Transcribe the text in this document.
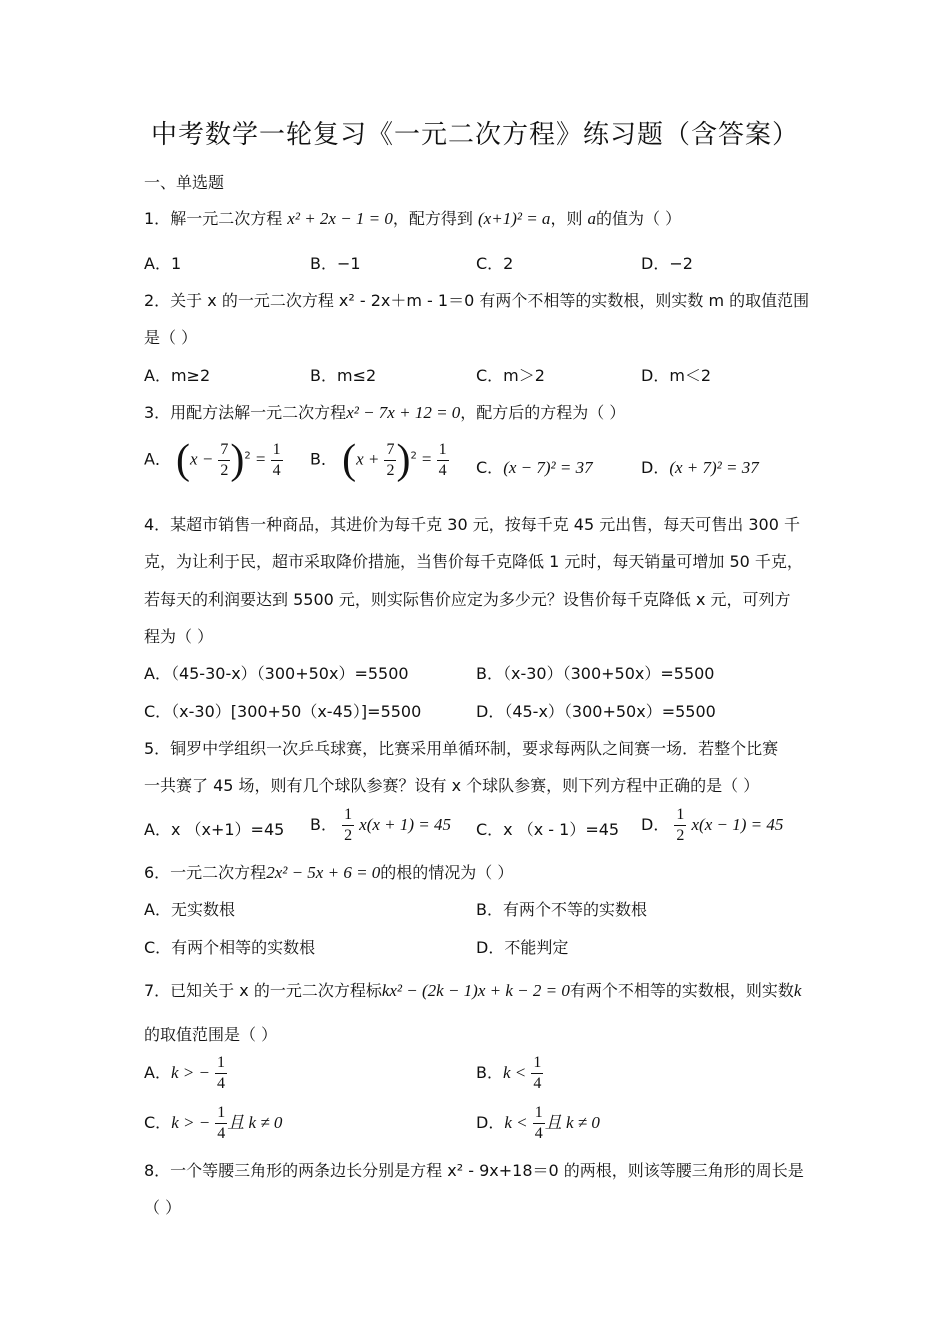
中考数学一轮复习《一元二次方程》练习题（含答案）
一、单选题
1．解一元二次方程 x² + 2x − 1 = 0，配方得到 (x+1)² = a，则 a的值为（ ）
A．1	B．−1	C．2	D．−2
2．关于 x 的一元二次方程 x² - 2x＋m - 1＝0 有两个不相等的实数根，则实数 m 的取值范围
是（ ）
A．m≥2	B．m≤2	C．m＞2	D．m＜2
3．用配方法解一元二次方程x² − 7x + 12 = 0，配方后的方程为（ ）
A． $(x - \frac{7}{2} )^2 = \frac{1}{4}$ B． $(x + \frac{7}{2} )^2 = \frac{1}{4}$ C．(x − 7)² = 37	D．(x + 7)² = 37
4．某超市销售一种商品，其进价为每千克 30 元，按每千克 45 元出售，每天可售出 300 千
克，为让利于民，超市采取降价措施，当售价每千克降低 1 元时，每天销量可增加 50 千克，
若每天的利润要达到 5500 元，则实际售价应定为多少元？设售价每千克降低 x 元，可列方
程为（ ）
A．（45-30-x）（300+50x）=5500	B．（x-30）（300+50x）=5500
C．（x-30）[300+50（x-45）]=5500	D．（45-x）（300+50x）=5500
5．铜罗中学组织一次乒乓球赛，比赛采用单循环制，要求每两队之间赛一场．若整个比赛
一共赛了 45 场，则有几个球队参赛？设有 x 个球队参赛，则下列方程中正确的是（ ）
A．x （x+1）=45 B． $\frac{1}{2} x(x + 1) = 45$ C．x （x - 1）=45 D． $\frac{1}{2} x(x - 1) = 45$
6．一元二次方程2x² − 5x + 6 = 0的根的情况为（ ）
A．无实数根	B．有两个不等的实数根
C．有两个相等的实数根	D．不能判定
7．已知关于 x 的一元二次方程标kx² − (2k − 1)x + k − 2 = 0有两个不相等的实数根，则实数k
的取值范围是（ ）
A．k > − $\frac{1}{4}$	B．$k < \frac{1}{4}$
C．k > − $\frac{1}{4}$ 且 k ≠ 0	D．$k < \frac{1}{4}$ 且 k ≠ 0
8．一个等腰三角形的两条边长分别是方程 x² - 9x+18＝0 的两根，则该等腰三角形的周长是
（ ）
